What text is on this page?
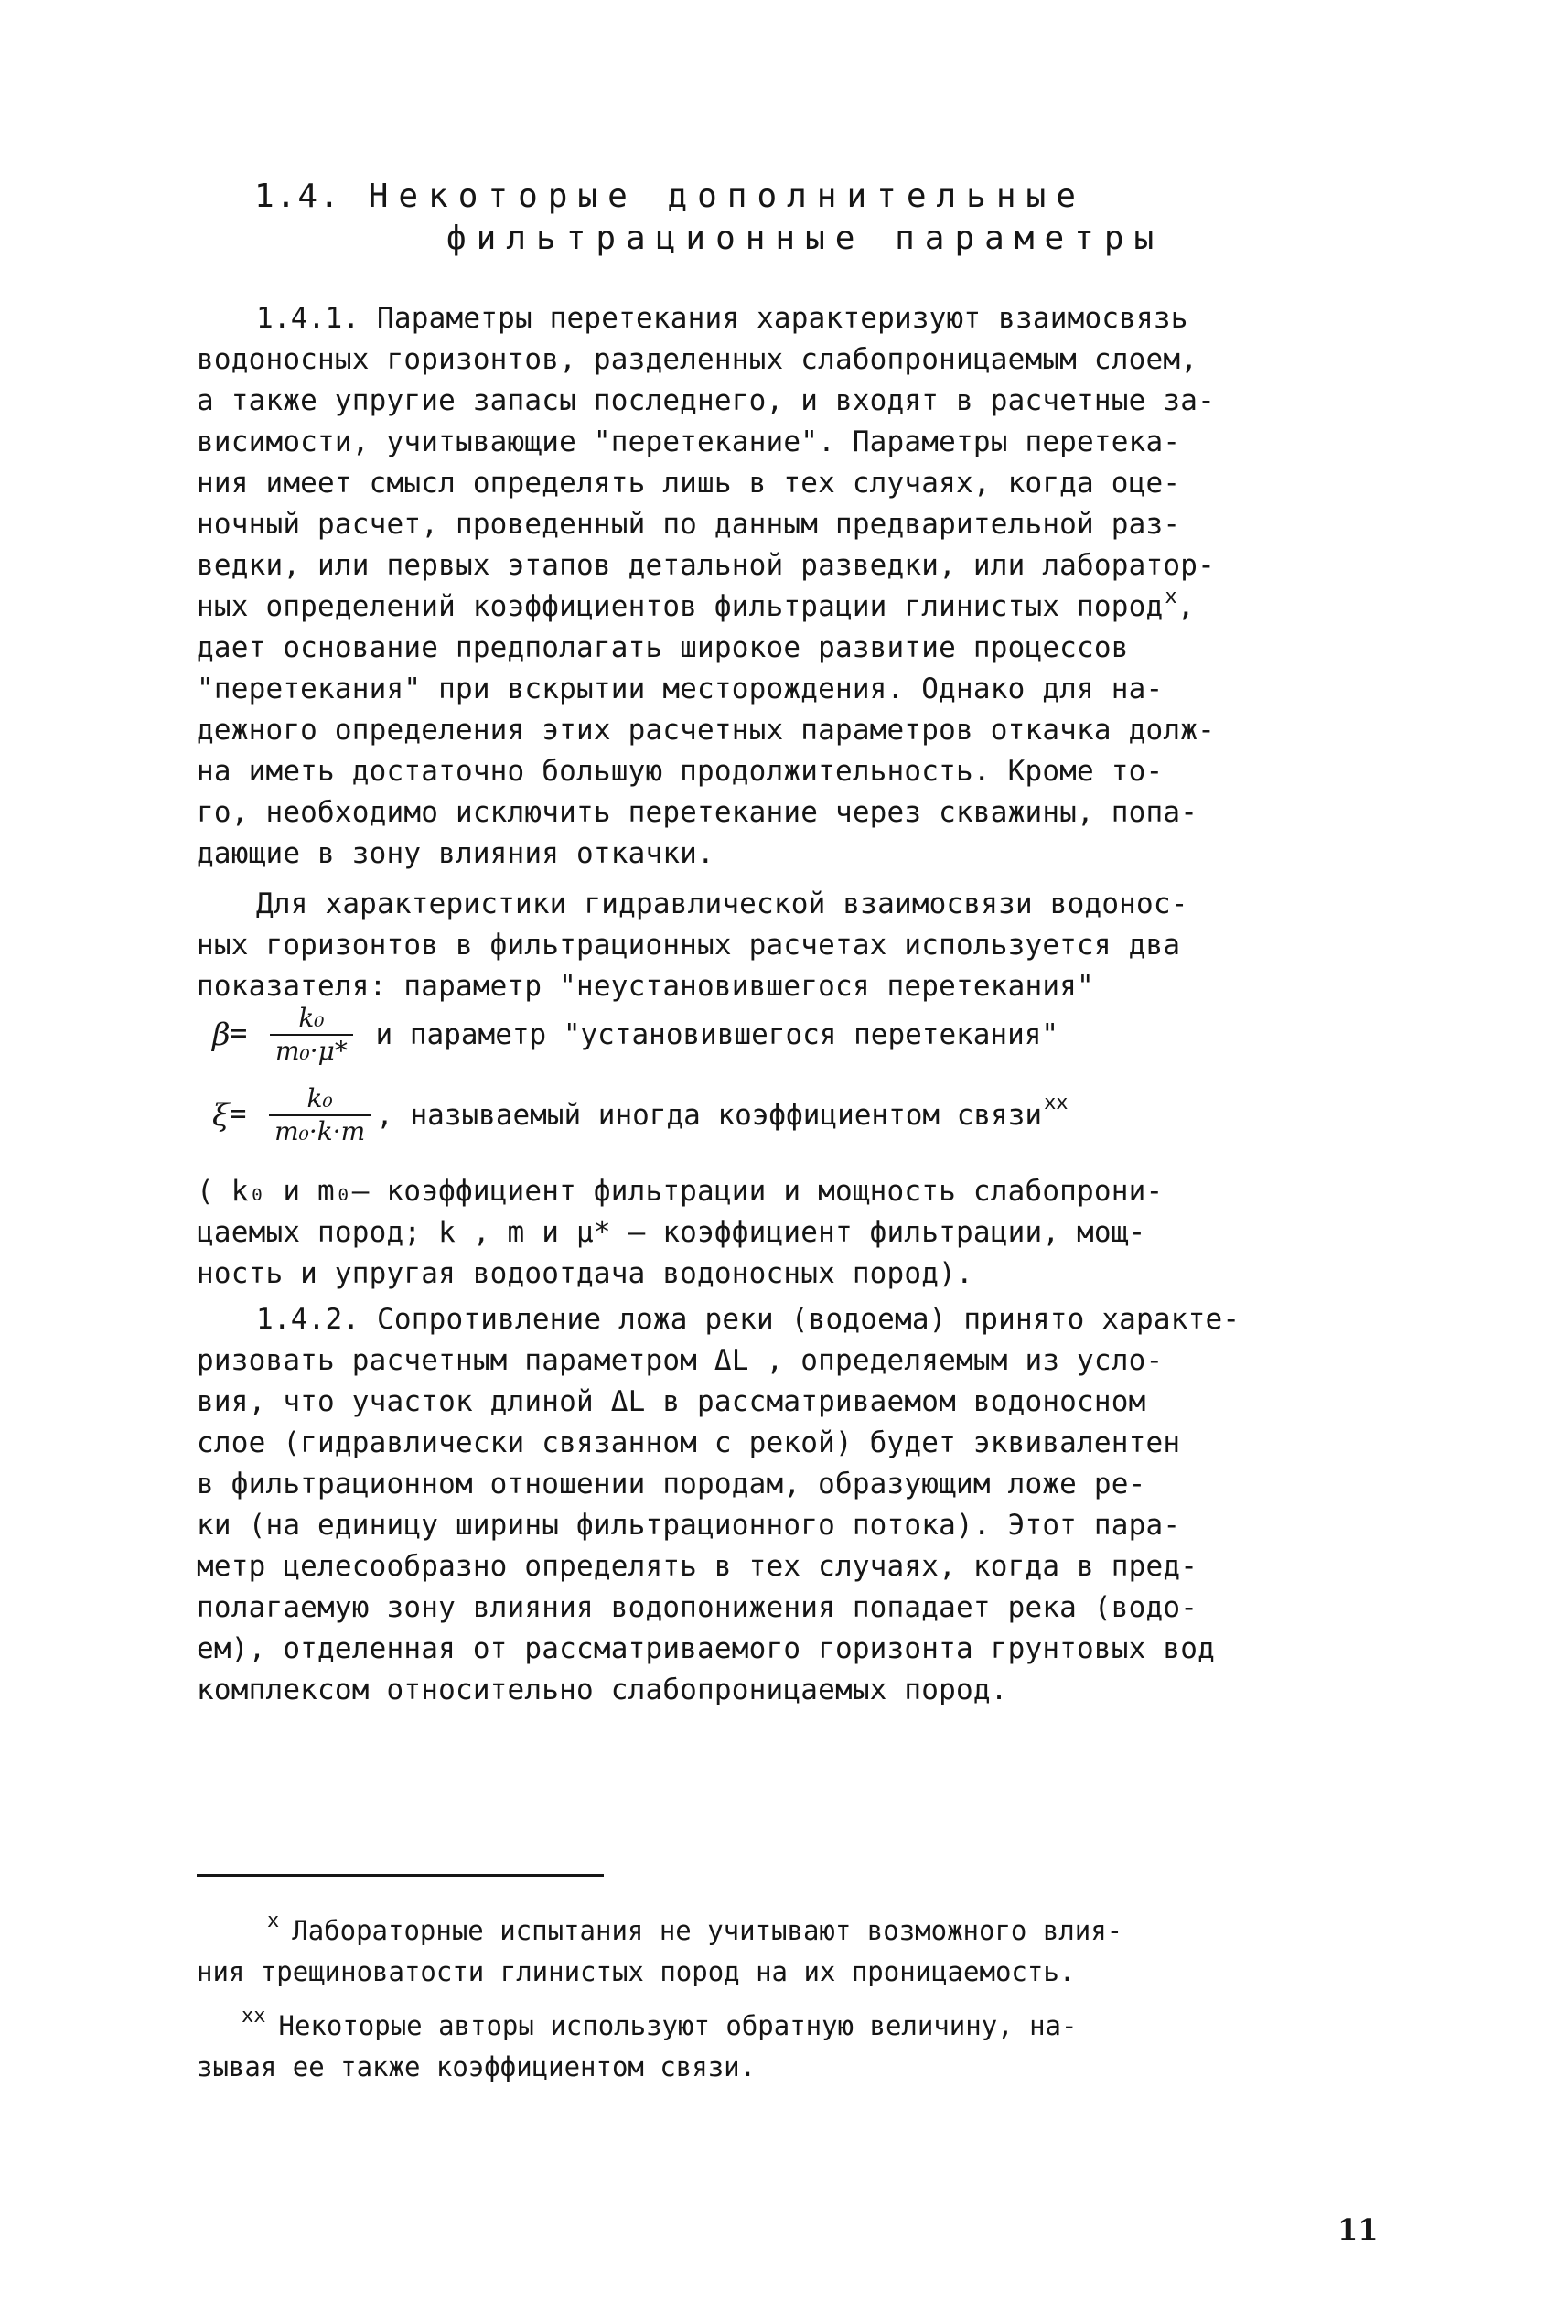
1.4. Некоторые дополнительные
фильтрационные параметры
1.4.1. Параметры перетекания характеризуют взаимосвязь
водоносных горизонтов, разделенных слабопроницаемым слоем,
а также упругие запасы последнего, и входят в расчетные за-
висимости, учитывающие "перетекание". Параметры перетека-
ния имеет смысл определять лишь в тех случаях, когда оце-
ночный расчет, проведенный по данным предварительной раз-
ведки, или первых этапов детальной разведки, или лаборатор-
ных определений коэффициентов фильтрации глинистых пород$^x$,
дает основание предполагать широкое развитие процессов
"перетекания" при вскрытии месторождения. Однако для на-
дежного определения этих расчетных параметров откачка долж-
на иметь достаточно большую продолжительность. Кроме то-
го, необходимо исключить перетекание через скважины, попа-
дающие в зону влияния откачки.
Для характеристики гидравлической взаимосвязи водонос-
ных горизонтов в фильтрационных расчетах используется два
показателя: параметр "неустановившегося перетекания"
$\beta= \frac{\text{k₀}}{\text{m₀·μ*}}$ и параметр "установившегося перетекания"
$\xi= \frac{\text{k₀}}{\text{m₀·k·m}}$ , называемый иногда коэффициентом связи$^{xx}$
( k₀ и m₀– коэффициент фильтрации и мощность слабопрони-
цаемых пород; k , m и μ* – коэффициент фильтрации, мощ-
ность и упругая водоотдача водоносных пород).
1.4.2. Сопротивление ложа реки (водоема) принято характе-
ризовать расчетным параметром ΔL , определяемым из усло-
вия, что участок длиной ΔL в рассматриваемом водоносном
слое (гидравлически связанном с рекой) будет эквивалентен
в фильтрационном отношении породам, образующим ложе ре-
ки (на единицу ширины фильтрационного потока). Этот пара-
метр целесообразно определять в тех случаях, когда в пред-
полагаемую зону влияния водопонижения попадает река (водо-
ем), отделенная от рассматриваемого горизонта грунтовых вод
комплексом относительно слабопроницаемых пород.
$^x$ Лабораторные испытания не учитывают возможного влия-
ния трещиноватости глинистых пород на их проницаемость.
$^{xx}$ Некоторые авторы используют обратную величину, на-
зывая ее также коэффициентом связи.
11
